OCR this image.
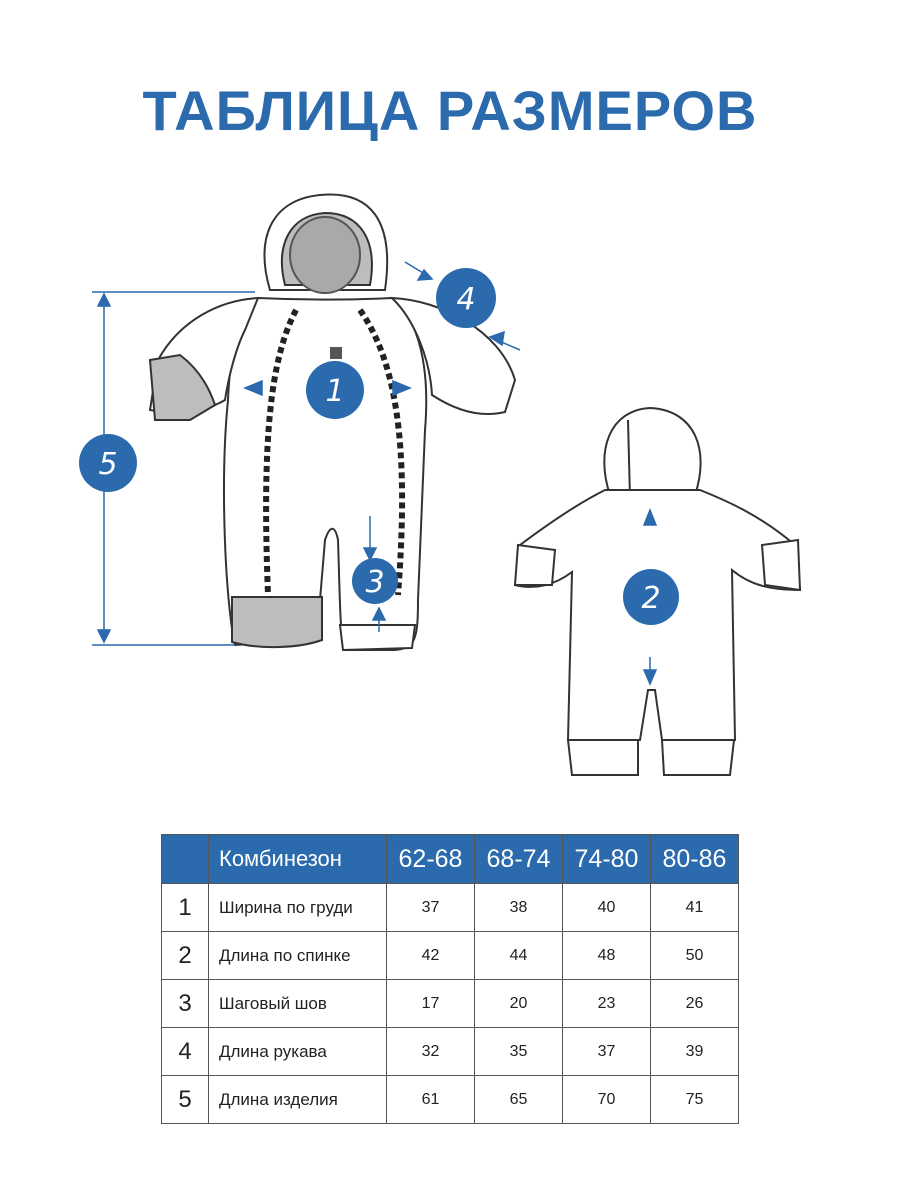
ТАБЛИЦА РАЗМЕРОВ
1
2
3
4
5
	Комбинезон	62-68	68-74	74-80	80-86
1	Ширина по груди	37	38	40	41
2	Длина по спинке	42	44	48	50
3	Шаговый шов	17	20	23	26
4	Длина рукава	32	35	37	39
5	Длина изделия	61	65	70	75
